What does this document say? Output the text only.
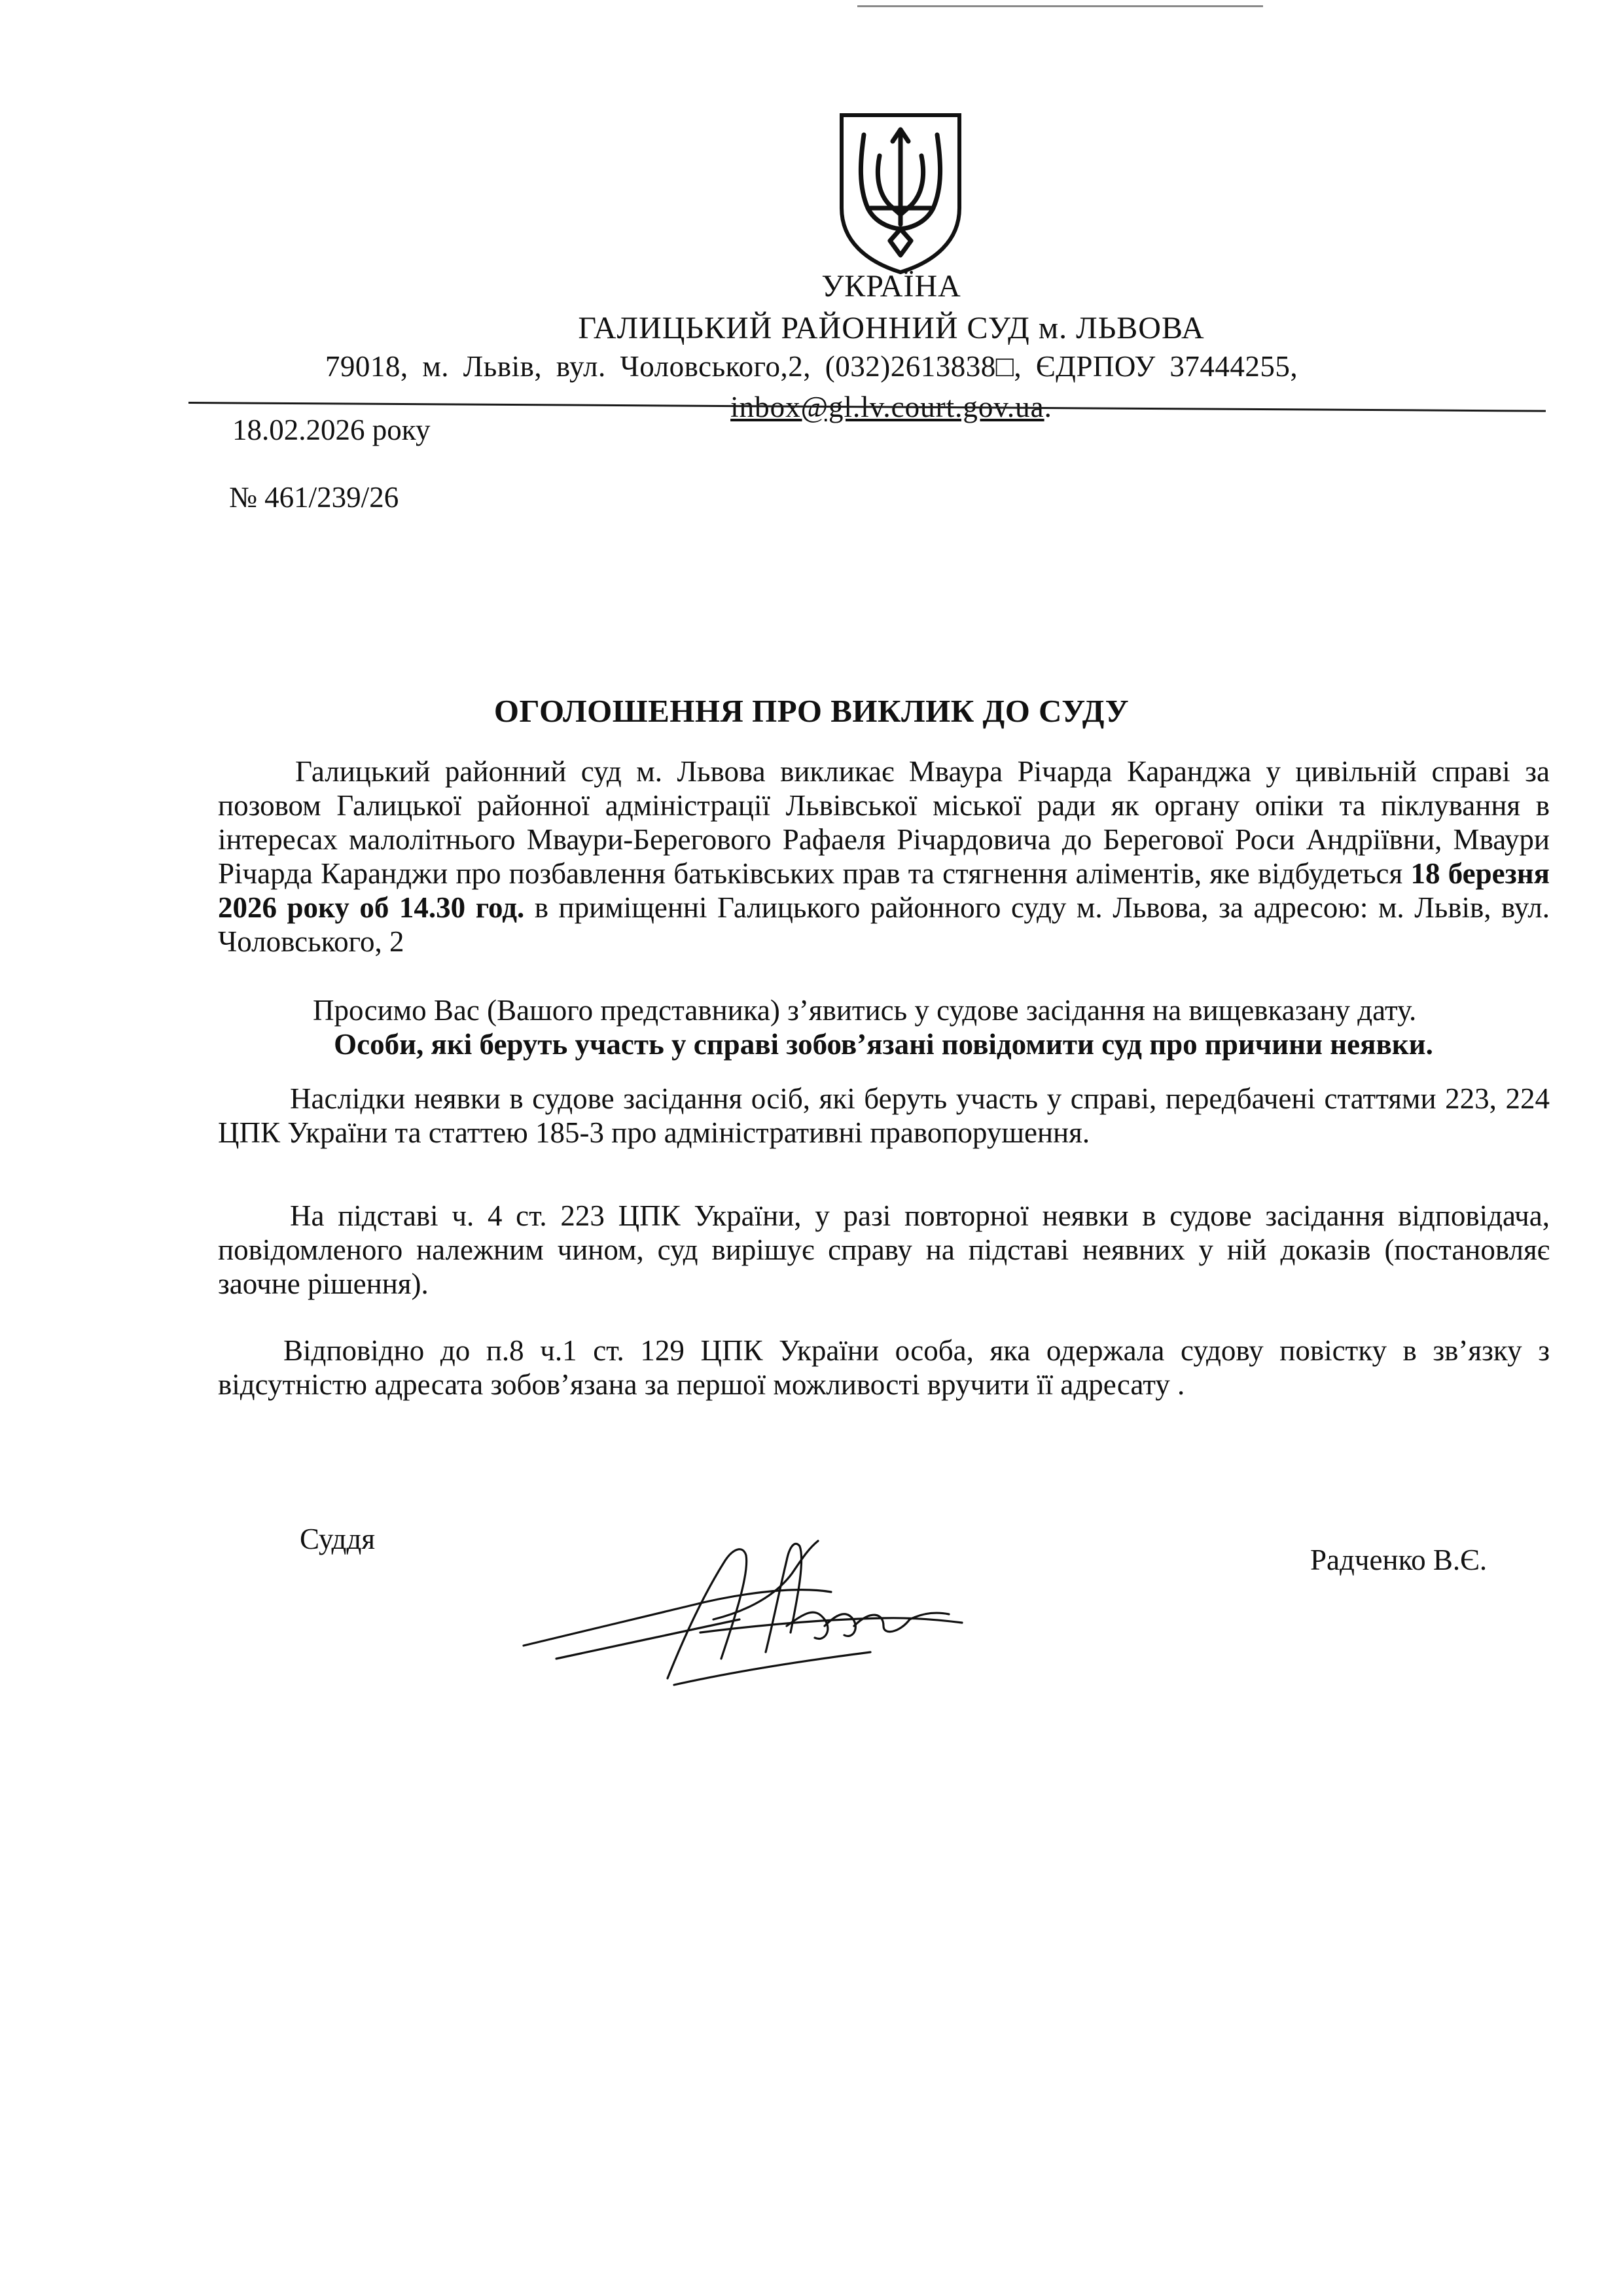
УКРАЇНА
ГАЛИЦЬКИЙ РАЙОННИЙ СУД м. ЛЬВОВА
79018, м. Львів, вул. Чоловського,2, (032)2613838□, ЄДРПОУ 37444255,
18.02.2026 року
№ 461/239/26
ОГОЛОШЕННЯ ПРО ВИКЛИК ДО СУДУ
Галицький районний суд м. Львова викликає Мваура Річарда Каранджа у цивільній справі за позовом Галицької районної адміністрації Львівської міської ради як органу опіки та піклування в інтересах малолітнього Мваури-Берегового Рафаеля Річардовича до Берегової Роси Андріївни, Мваури Річарда Каранджи про позбавлення батьківських прав та стягнення аліментів, яке відбудеться 18 березня 2026 року об 14.30 год. в приміщенні Галицького районного суду м. Львова, за адресою: м. Львів, вул. Чоловського, 2
Просимо Вас (Вашого представника) з’явитись у судове засідання на вищевказану дату.
Особи, які беруть участь у справі зобов’язані повідомити суд про причини неявки.
Наслідки неявки в судове засідання осіб, які беруть участь у справі, передбачені статтями 223, 224 ЦПК України та статтею 185-3 про адміністративні правопорушення.
На підставі ч. 4 ст. 223 ЦПК України, у разі повторної неявки в судове засідання відповідача, повідомленого належним чином, суд вирішує справу на підставі неявних у ній доказів (постановляє заочне рішення).
Відповідно до п.8 ч.1 ст. 129 ЦПК України особа, яка одержала судову повістку в зв’язку з відсутністю адресата зобов’язана за першої можливості вручити її адресату .
Суддя
Радченко В.Є.
